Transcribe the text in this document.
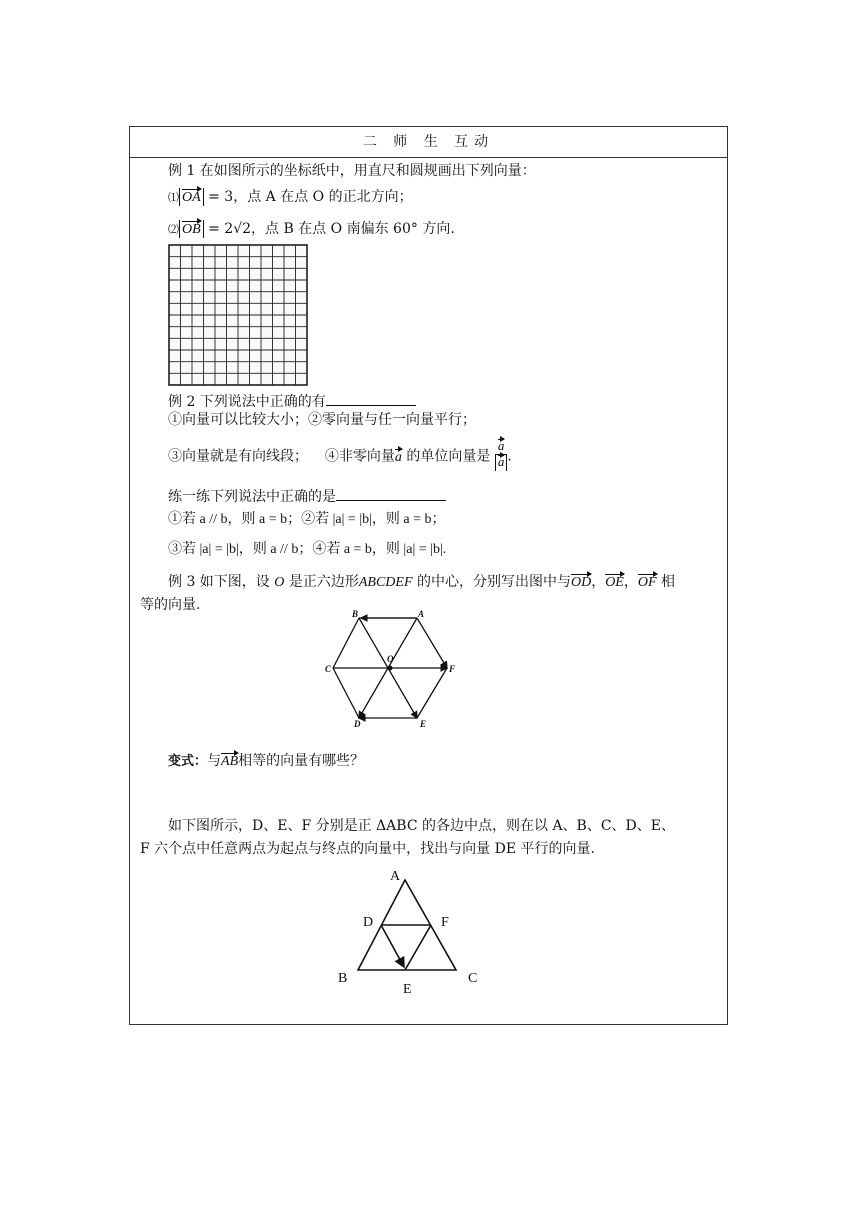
二 师 生 互动
例 1 在如图所示的坐标纸中，用直尺和圆规画出下列向量：
⑴ OA = 3，点 A 在点 O 的正北方向；
⑵ OB = 2√2，点 B 在点 O 南偏东 60° 方向.
例 2 下列说法中正确的有
①向量可以比较大小；②零向量与任一向量平行；
③向量就是有向线段； ④非零向量a 的单位向量是 $\frac{a}{a}$ .
练一练下列说法中正确的是
①若 a // b，则 a = b；②若 |a| = |b|，则 a = b；
③若 |a| = |b|，则 a // b；④若 a = b，则 |a| = |b|.
例 3 如下图，设 O 是正六边形ABCDEF 的中心，分别写出图中与OD，OE，OF 相
等的向量.
B	A
C	F
D	E
O
变式：与AB相等的向量有哪些？
如下图所示，D、E、F 分别是正 ΔABC 的各边中点，则在以 A、B、C、D、E、
F 六个点中任意两点为起点与终点的向量中，找出与向量 DE 平行的向量.
A
D	F
B	C
E
